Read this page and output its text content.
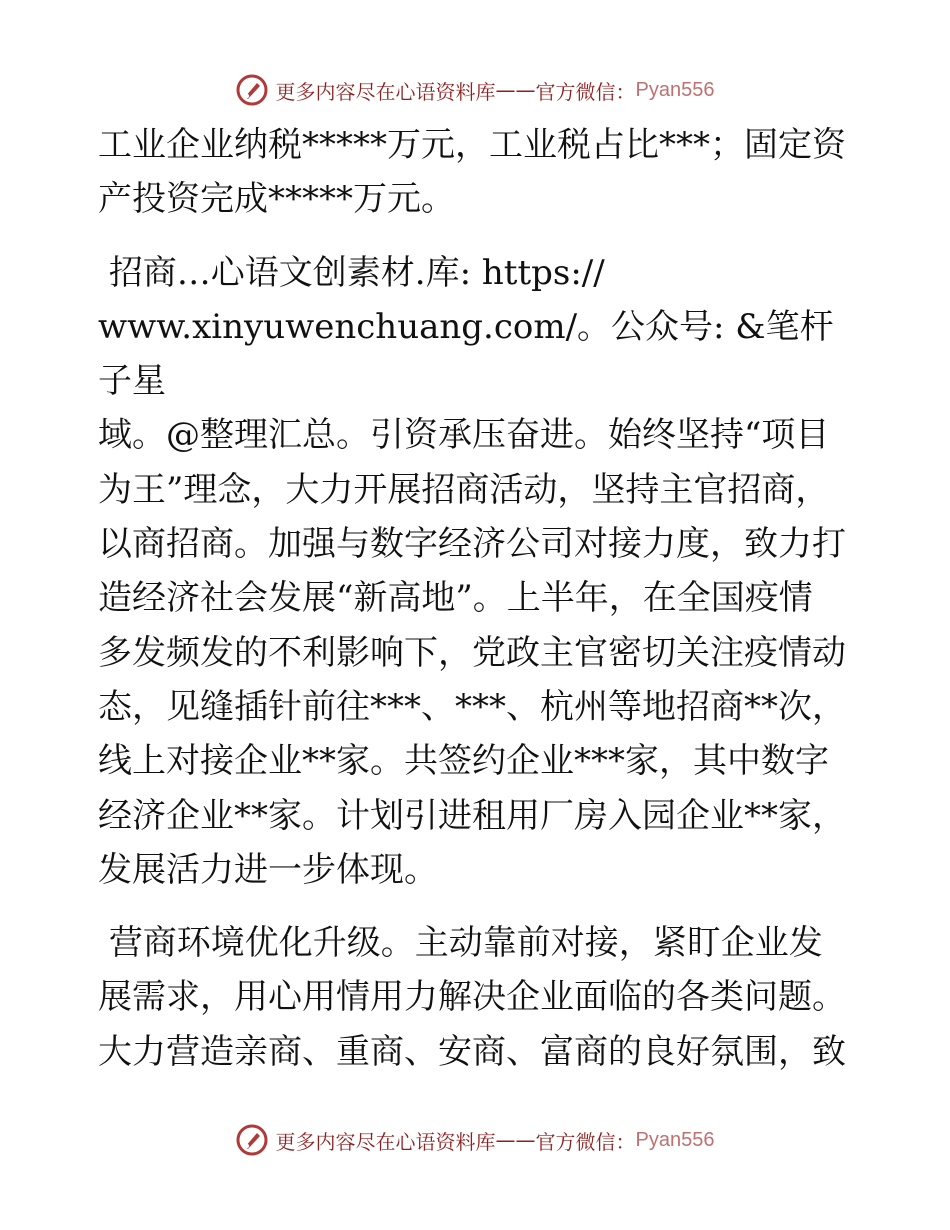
更多内容尽在心语资料库 —— 官方微信： Pyan556

工业企业纳税*****万元，工业税占比***；固定资

产投资完成*****万元。

招商…心语文创素材.库: https://

www.xinyuwenchuang.com/。公众号: &笔杆子星

域。@整理汇总。引资承压奋进。始终坚持“项目

为王”理念，大力开展招商活动，坚持主官招商，

以商招商。加强与数字经济公司对接力度，致力打

造经济社会发展“新高地”。上半年，在全国疫情

多发频发的不利影响下，党政主官密切关注疫情动

态，见缝插针前往***、***、杭州等地招商**次，

线上对接企业**家。共签约企业***家，其中数字

经济企业**家。计划引进租用厂房入园企业**家，

发展活力进一步体现。

营商环境优化升级。主动靠前对接，紧盯企业发

展需求，用心用情用力解决企业面临的各类问题。

大力营造亲商、重商、安商、富商的良好氛围，致

更多内容尽在心语资料库 —— 官方微信： Pyan556
